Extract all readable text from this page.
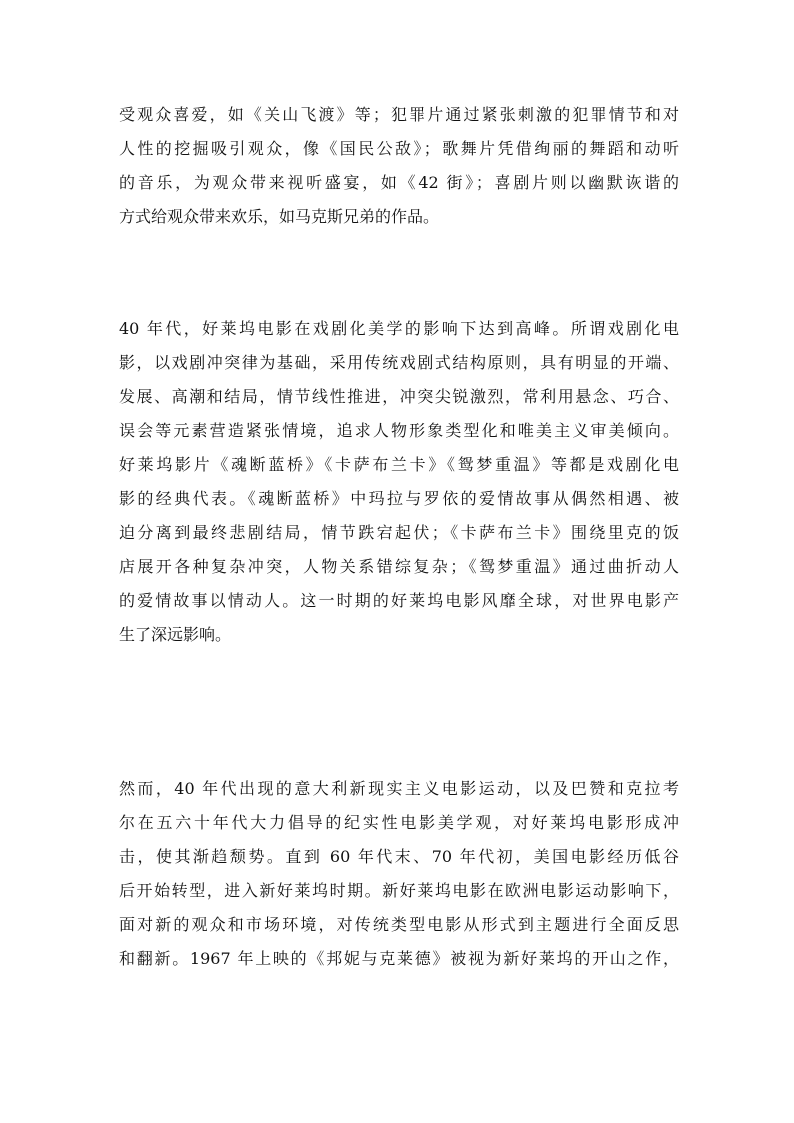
受观众喜爱，如《关山飞渡》等；犯罪片通过紧张刺激的犯罪情节和对
人性的挖掘吸引观众，像《国民公敌》；歌舞片凭借绚丽的舞蹈和动听
的音乐，为观众带来视听盛宴，如《42 街》；喜剧片则以幽默诙谐的
方式给观众带来欢乐，如马克斯兄弟的作品。

40 年代，好莱坞电影在戏剧化美学的影响下达到高峰。所谓戏剧化电
影，以戏剧冲突律为基础，采用传统戏剧式结构原则，具有明显的开端、
发展、高潮和结局，情节线性推进，冲突尖锐激烈，常利用悬念、巧合、
误会等元素营造紧张情境，追求人物形象类型化和唯美主义审美倾向。
好莱坞影片《魂断蓝桥》《卡萨布兰卡》《鸳梦重温》等都是戏剧化电
影的经典代表。《魂断蓝桥》中玛拉与罗依的爱情故事从偶然相遇、被
迫分离到最终悲剧结局，情节跌宕起伏；《卡萨布兰卡》围绕里克的饭
店展开各种复杂冲突，人物关系错综复杂；《鸳梦重温》通过曲折动人
的爱情故事以情动人。这一时期的好莱坞电影风靡全球，对世界电影产
生了深远影响。

然而，40 年代出现的意大利新现实主义电影运动，以及巴赞和克拉考
尔在五六十年代大力倡导的纪实性电影美学观，对好莱坞电影形成冲
击，使其渐趋颓势。直到 60 年代末、70 年代初，美国电影经历低谷
后开始转型，进入新好莱坞时期。新好莱坞电影在欧洲电影运动影响下，
面对新的观众和市场环境，对传统类型电影从形式到主题进行全面反思
和翻新。1967 年上映的《邦妮与克莱德》被视为新好莱坞的开山之作，
